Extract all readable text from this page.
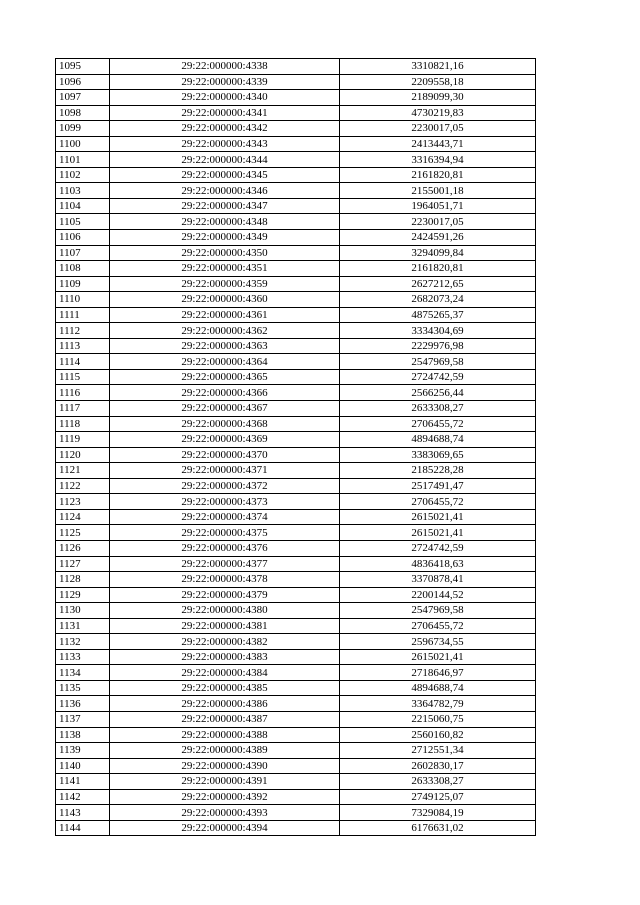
1095	29:22:000000:4338	3310821,16
1096	29:22:000000:4339	2209558,18
1097	29:22:000000:4340	2189099,30
1098	29:22:000000:4341	4730219,83
1099	29:22:000000:4342	2230017,05
1100	29:22:000000:4343	2413443,71
1101	29:22:000000:4344	3316394,94
1102	29:22:000000:4345	2161820,81
1103	29:22:000000:4346	2155001,18
1104	29:22:000000:4347	1964051,71
1105	29:22:000000:4348	2230017,05
1106	29:22:000000:4349	2424591,26
1107	29:22:000000:4350	3294099,84
1108	29:22:000000:4351	2161820,81
1109	29:22:000000:4359	2627212,65
1110	29:22:000000:4360	2682073,24
1111	29:22:000000:4361	4875265,37
1112	29:22:000000:4362	3334304,69
1113	29:22:000000:4363	2229976,98
1114	29:22:000000:4364	2547969,58
1115	29:22:000000:4365	2724742,59
1116	29:22:000000:4366	2566256,44
1117	29:22:000000:4367	2633308,27
1118	29:22:000000:4368	2706455,72
1119	29:22:000000:4369	4894688,74
1120	29:22:000000:4370	3383069,65
1121	29:22:000000:4371	2185228,28
1122	29:22:000000:4372	2517491,47
1123	29:22:000000:4373	2706455,72
1124	29:22:000000:4374	2615021,41
1125	29:22:000000:4375	2615021,41
1126	29:22:000000:4376	2724742,59
1127	29:22:000000:4377	4836418,63
1128	29:22:000000:4378	3370878,41
1129	29:22:000000:4379	2200144,52
1130	29:22:000000:4380	2547969,58
1131	29:22:000000:4381	2706455,72
1132	29:22:000000:4382	2596734,55
1133	29:22:000000:4383	2615021,41
1134	29:22:000000:4384	2718646,97
1135	29:22:000000:4385	4894688,74
1136	29:22:000000:4386	3364782,79
1137	29:22:000000:4387	2215060,75
1138	29:22:000000:4388	2560160,82
1139	29:22:000000:4389	2712551,34
1140	29:22:000000:4390	2602830,17
1141	29:22:000000:4391	2633308,27
1142	29:22:000000:4392	2749125,07
1143	29:22:000000:4393	7329084,19
1144	29:22:000000:4394	6176631,02
